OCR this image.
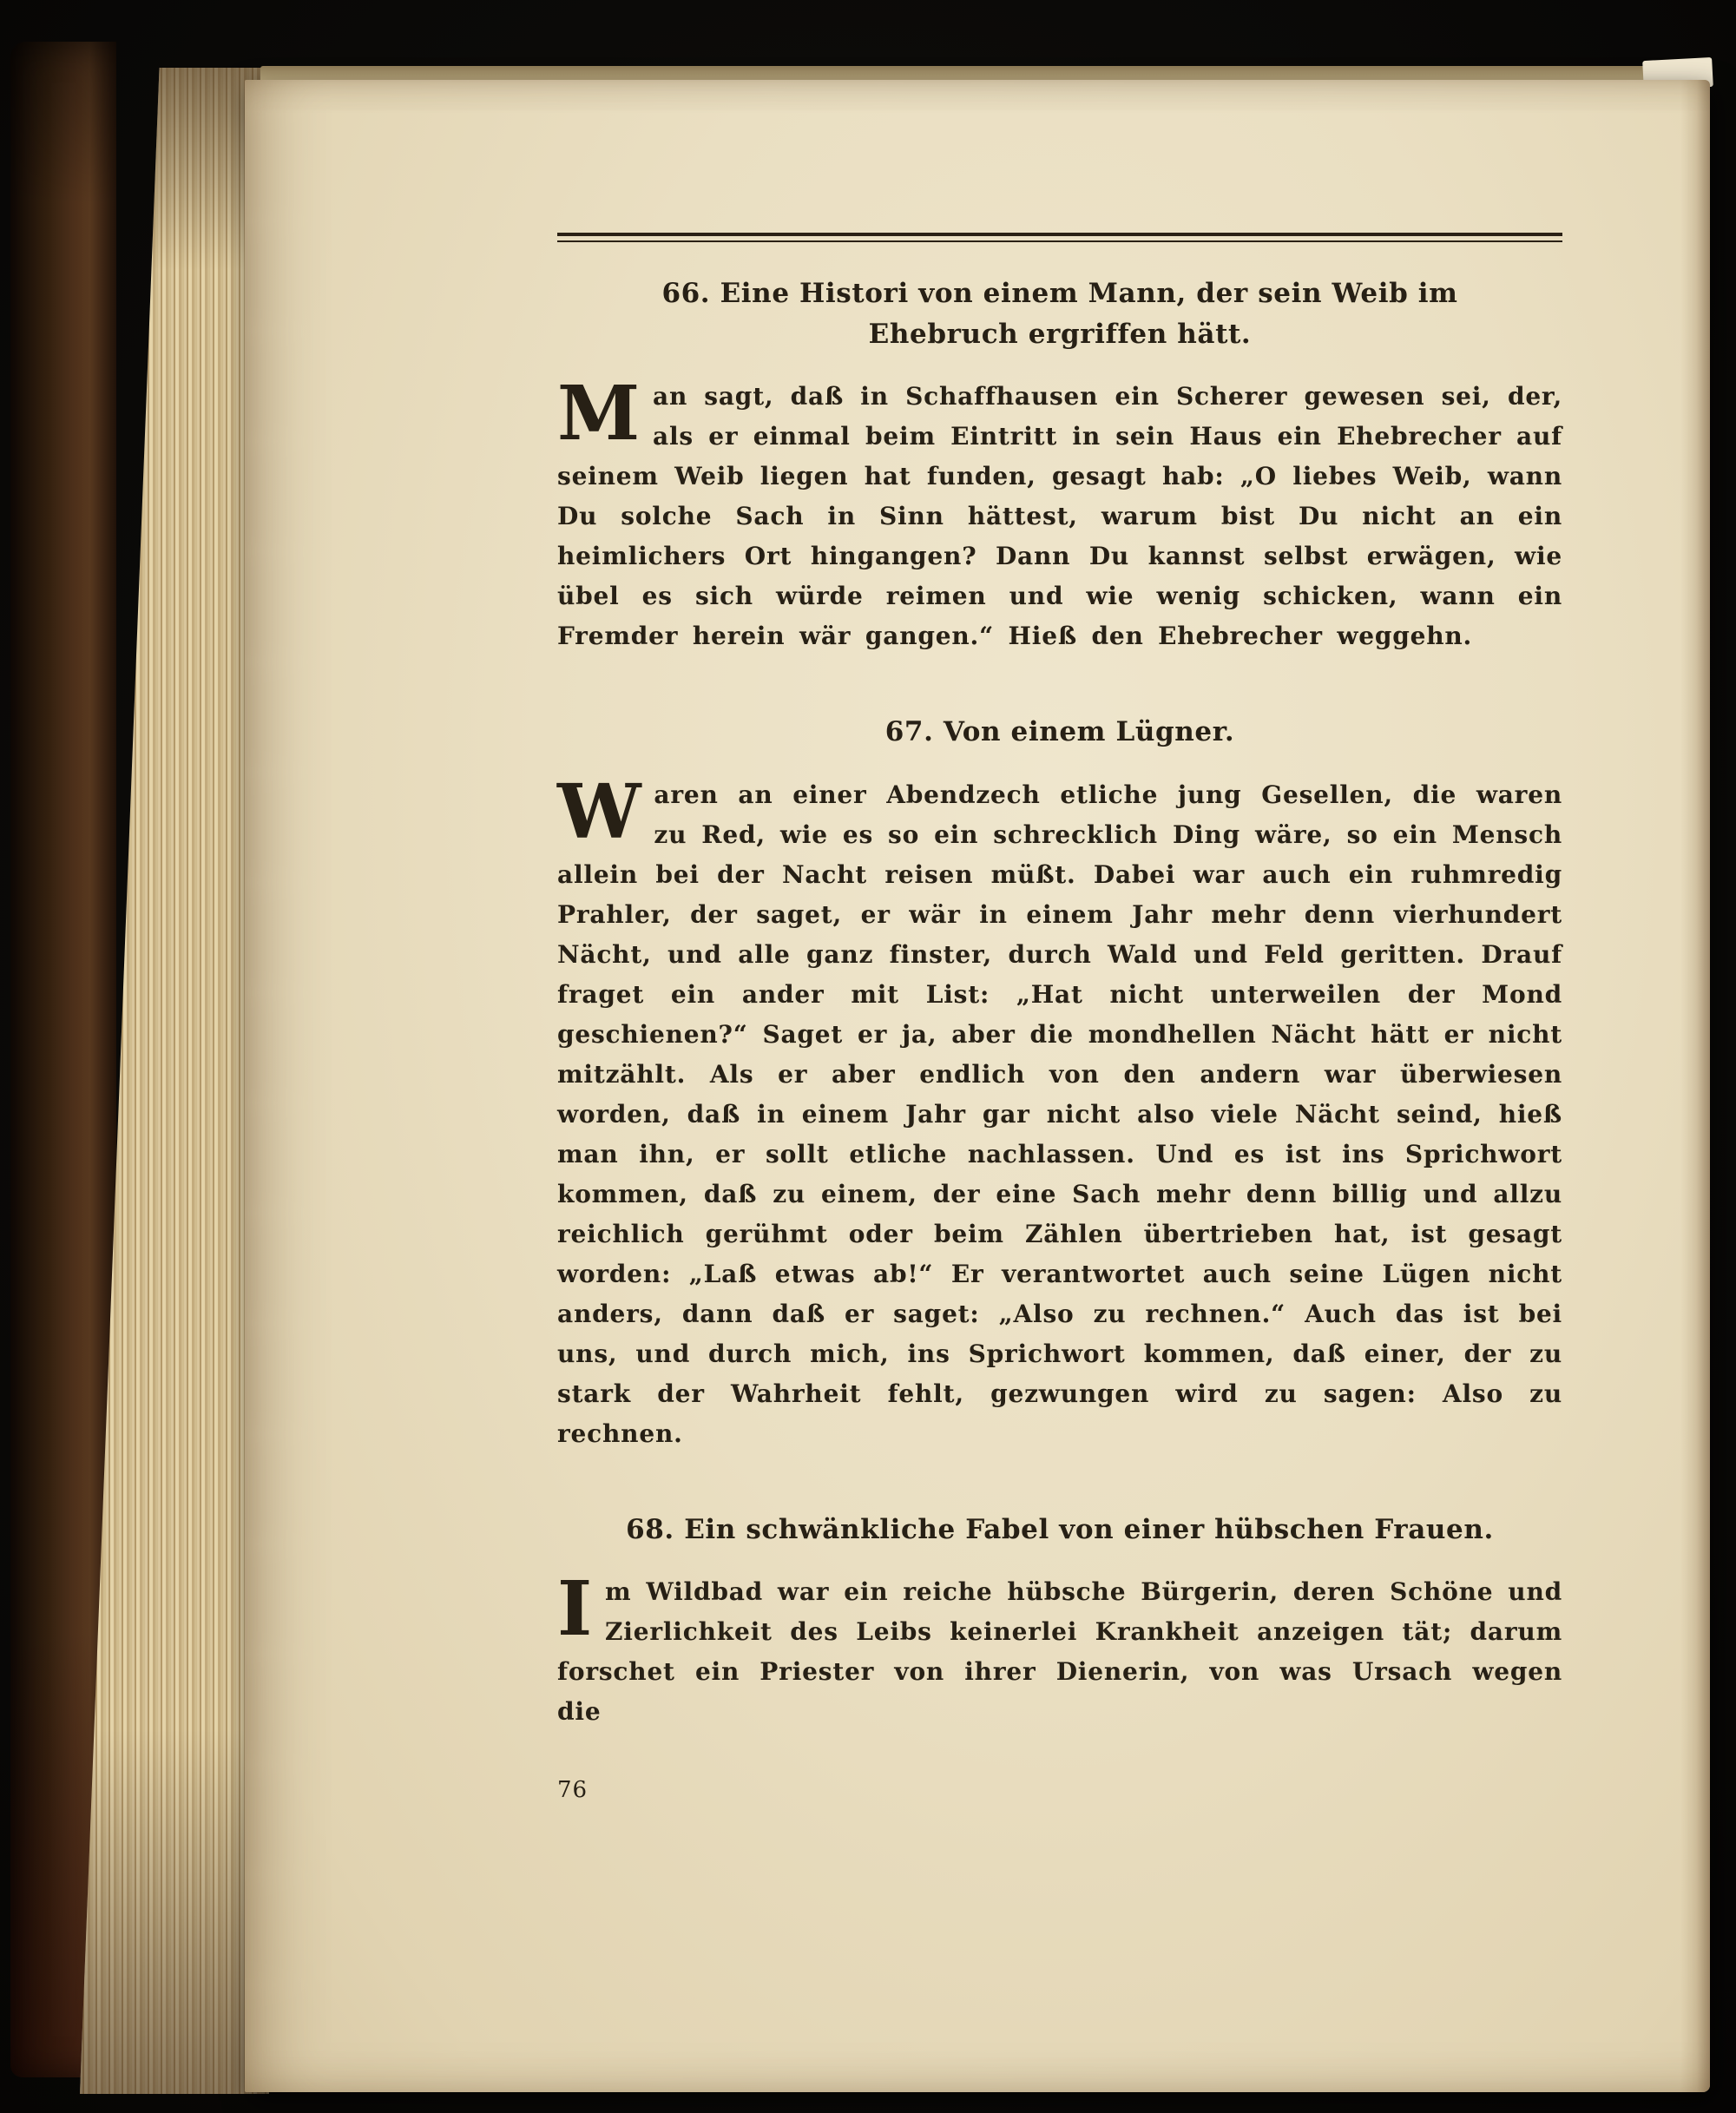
66. Eine Histori von einem Mann, der sein Weib im Ehebruch ergriffen hätt.

Man sagt, daß in Schaffhausen ein Scherer gewesen sei, der, als er einmal beim Eintritt in sein Haus ein Ehebrecher auf seinem Weib liegen hat funden, gesagt hab: „O liebes Weib, wann Du solche Sach in Sinn hättest, warum bist Du nicht an ein heimlichers Ort hingangen? Dann Du kannst selbst erwägen, wie übel es sich würde reimen und wie wenig schicken, wann ein Fremder herein wär gangen.“ Hieß den Ehebrecher weggehn.

67. Von einem Lügner.

Waren an einer Abendzech etliche jung Gesellen, die waren zu Red, wie es so ein schrecklich Ding wäre, so ein Mensch allein bei der Nacht reisen müßt. Dabei war auch ein ruhmredig Prahler, der saget, er wär in einem Jahr mehr denn vierhundert Nächt, und alle ganz finster, durch Wald und Feld geritten. Drauf fraget ein ander mit List: „Hat nicht unterweilen der Mond geschienen?“ Saget er ja, aber die mondhellen Nächt hätt er nicht mitzählt. Als er aber endlich von den andern war überwiesen worden, daß in einem Jahr gar nicht also viele Nächt seind, hieß man ihn, er sollt etliche nachlassen. Und es ist ins Sprichwort kommen, daß zu einem, der eine Sach mehr denn billig und allzu reichlich gerühmt oder beim Zählen übertrieben hat, ist gesagt worden: „Laß etwas ab!“ Er verantwortet auch seine Lügen nicht anders, dann daß er saget: „Also zu rechnen.“ Auch das ist bei uns, und durch mich, ins Sprichwort kommen, daß einer, der zu stark der Wahrheit fehlt, gezwungen wird zu sagen: Also zu rechnen.

68. Ein schwänkliche Fabel von einer hübschen Frauen.

Im Wildbad war ein reiche hübsche Bürgerin, deren Schöne und Zierlichkeit des Leibs keinerlei Krankheit anzeigen tät; darum forschet ein Priester von ihrer Dienerin, von was Ursach wegen die

76
